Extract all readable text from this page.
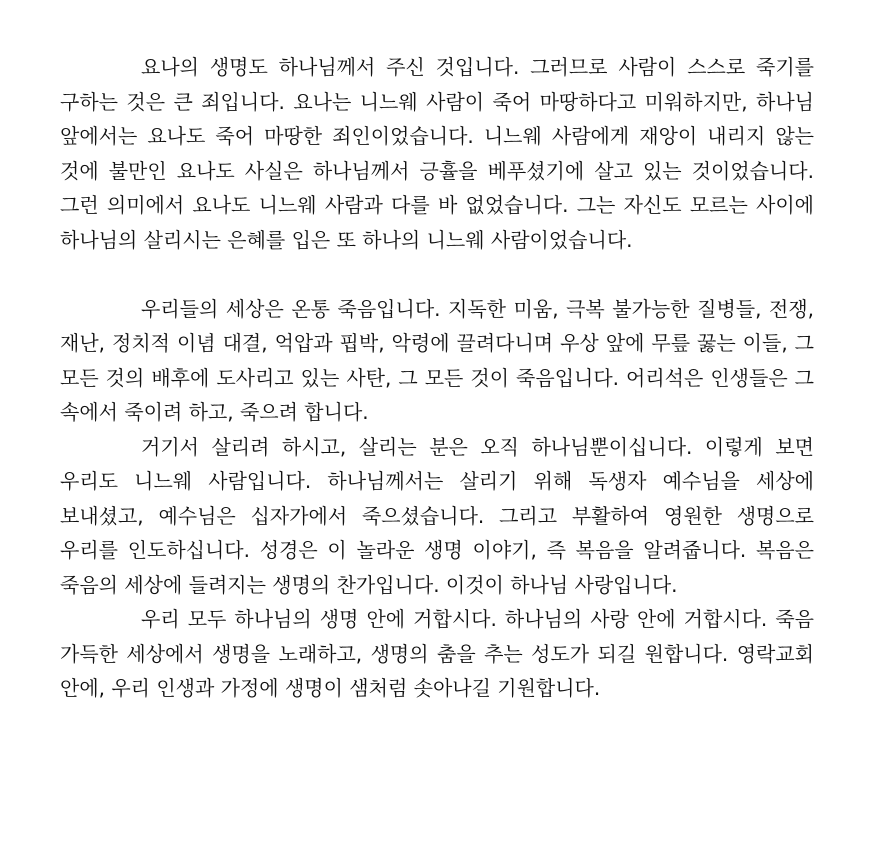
요나의 생명도 하나님께서 주신 것입니다. 그러므로 사람이 스스로 죽기를 구하는 것은 큰 죄입니다. 요나는 니느웨 사람이 죽어 마땅하다고 미워하지만, 하나님 앞에서는 요나도 죽어 마땅한 죄인이었습니다. 니느웨 사람에게 재앙이 내리지 않는 것에 불만인 요나도 사실은 하나님께서 긍휼을 베푸셨기에 살고 있는 것이었습니다. 그런 의미에서 요나도 니느웨 사람과 다를 바 없었습니다. 그는 자신도 모르는 사이에 하나님의 살리시는 은혜를 입은 또 하나의 니느웨 사람이었습니다.

우리들의 세상은 온통 죽음입니다. 지독한 미움, 극복 불가능한 질병들, 전쟁, 재난, 정치적 이념 대결, 억압과 핍박, 악령에 끌려다니며 우상 앞에 무릎 꿇는 이들, 그 모든 것의 배후에 도사리고 있는 사탄, 그 모든 것이 죽음입니다. 어리석은 인생들은 그 속에서 죽이려 하고, 죽으려 합니다.

거기서 살리려 하시고, 살리는 분은 오직 하나님뿐이십니다. 이렇게 보면 우리도 니느웨 사람입니다. 하나님께서는 살리기 위해 독생자 예수님을 세상에 보내셨고, 예수님은 십자가에서 죽으셨습니다. 그리고 부활하여 영원한 생명으로 우리를 인도하십니다. 성경은 이 놀라운 생명 이야기, 즉 복음을 알려줍니다. 복음은 죽음의 세상에 들려지는 생명의 찬가입니다. 이것이 하나님 사랑입니다.

우리 모두 하나님의 생명 안에 거합시다. 하나님의 사랑 안에 거합시다. 죽음 가득한 세상에서 생명을 노래하고, 생명의 춤을 추는 성도가 되길 원합니다. 영락교회 안에, 우리 인생과 가정에 생명이 샘처럼 솟아나길 기원합니다.
